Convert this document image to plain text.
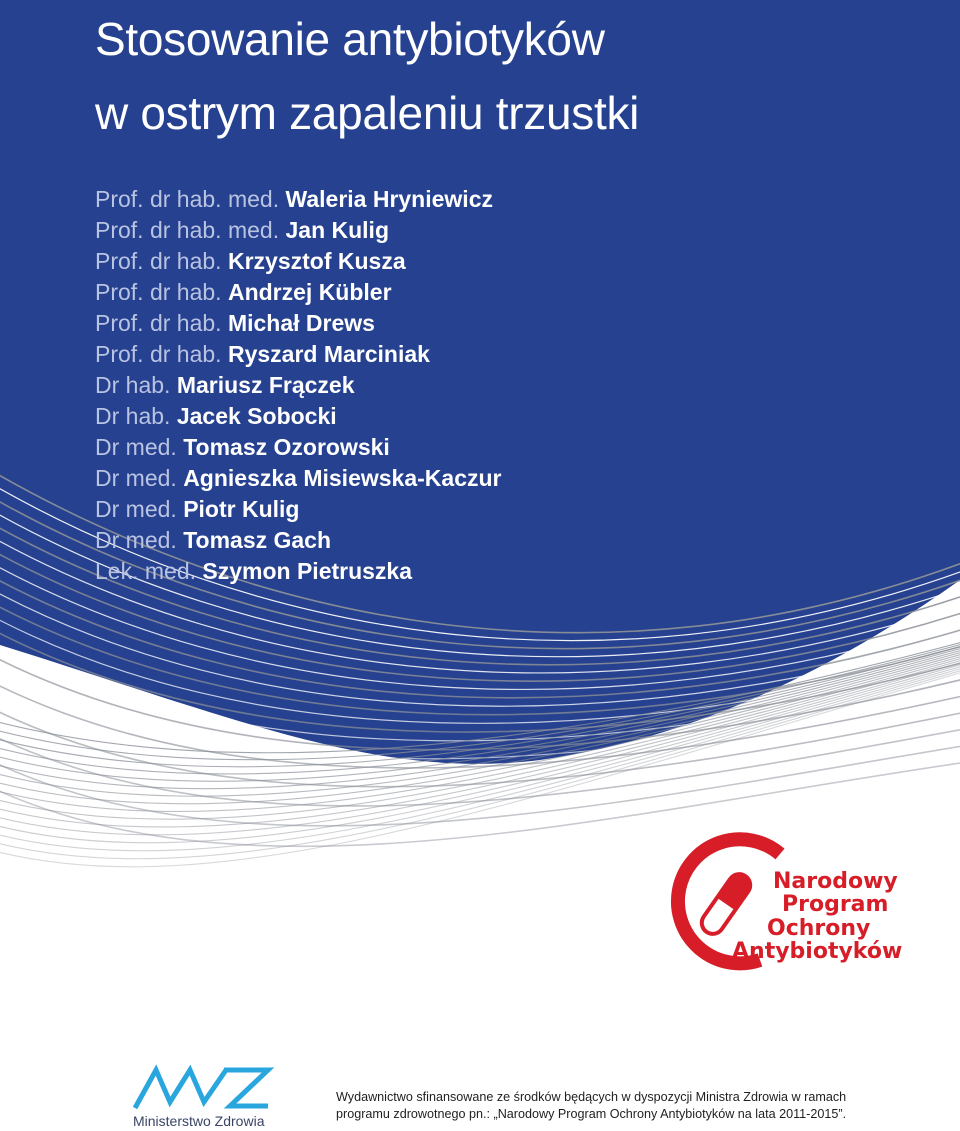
Stosowanie antybiotyków
w ostrym zapaleniu trzustki
Prof. dr hab. med. Waleria Hryniewicz
Prof. dr hab. med. Jan Kulig
Prof. dr hab. Krzysztof Kusza
Prof. dr hab. Andrzej Kübler
Prof. dr hab. Michał Drews
Prof. dr hab. Ryszard Marciniak
Dr hab. Mariusz Frączek
Dr hab. Jacek Sobocki
Dr med. Tomasz Ozorowski
Dr med. Agnieszka Misiewska-Kaczur
Dr med. Piotr Kulig
Dr med. Tomasz Gach
Lek. med. Szymon Pietruszka

Narodowy
Program
Ochrony
Antybiotyków

Ministerstwo Zdrowia
Wydawnictwo sfinansowane ze środków będących w dyspozycji Ministra Zdrowia w ramach
programu zdrowotnego pn.: „Narodowy Program Ochrony Antybiotyków na lata 2011-2015”.
